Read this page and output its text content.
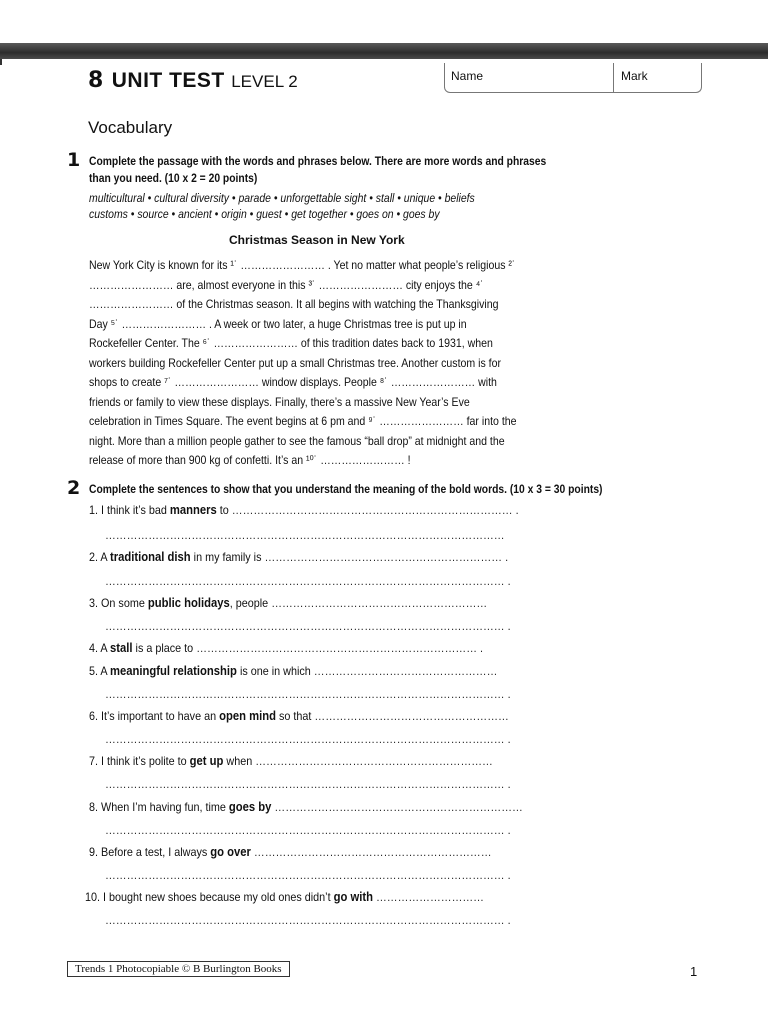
8 UNIT TEST LEVEL 2	Name	Mark
Vocabulary
1 Complete the passage with the words and phrases below. There are more words and phrases
than you need. (10 x 2 = 20 points)
multicultural • cultural diversity • parade • unforgettable sight • stall • unique • beliefs
customs • source • ancient • origin • guest • get together • goes on • goes by
Christmas Season in New York

New York City is known for its ¹˙ …………………… . Yet no matter what people’s religious ²˙

…………………… are, almost everyone in this ³˙ …………………… city enjoys the ⁴˙

…………………… of the Christmas season. It all begins with watching the Thanksgiving

Day ⁵˙ …………………… . A week or two later, a huge Christmas tree is put up in

Rockefeller Center. The ⁶˙ …………………… of this tradition dates back to 1931, when

workers building Rockefeller Center put up a small Christmas tree. Another custom is for

shops to create ⁷˙ …………………… window displays. People ⁸˙ …………………… with

friends or family to view these displays. Finally, there’s a massive New Year’s Eve

celebration in Times Square. The event begins at 6 pm and ⁹˙ …………………… far into the

night. More than a million people gather to see the famous “ball drop” at midnight and the

release of more than 900 kg of confetti. It’s an ¹⁰˙ …………………… !

2 Complete the sentences to show that you understand the meaning of the bold words. (10 x 3 = 30 points)
1. I think it’s bad manners to …………………………………………………………………… .
…………………………………………………………………………………………………
2. A traditional dish in my family is ………………………………………………………… .
………………………………………………………………………………………………… .
3. On some public holidays, people ……………………………………………………
………………………………………………………………………………………………… .
4. A stall is a place to …………………………………………………………………… .
5. A meaningful relationship is one in which ……………………………………………
………………………………………………………………………………………………… .
6. It’s important to have an open mind so that ………………………………………………
………………………………………………………………………………………………… .
7. I think it’s polite to get up when …………………………………………………………
………………………………………………………………………………………………… .
8. When I’m having fun, time goes by ……………………………………………………………
………………………………………………………………………………………………… .
9. Before a test, I always go over …………………………………………………………
………………………………………………………………………………………………… .
10. I bought new shoes because my old ones didn’t go with …………………………
………………………………………………………………………………………………… .
Trends 1 Photocopiable © B Burlington Books	1
